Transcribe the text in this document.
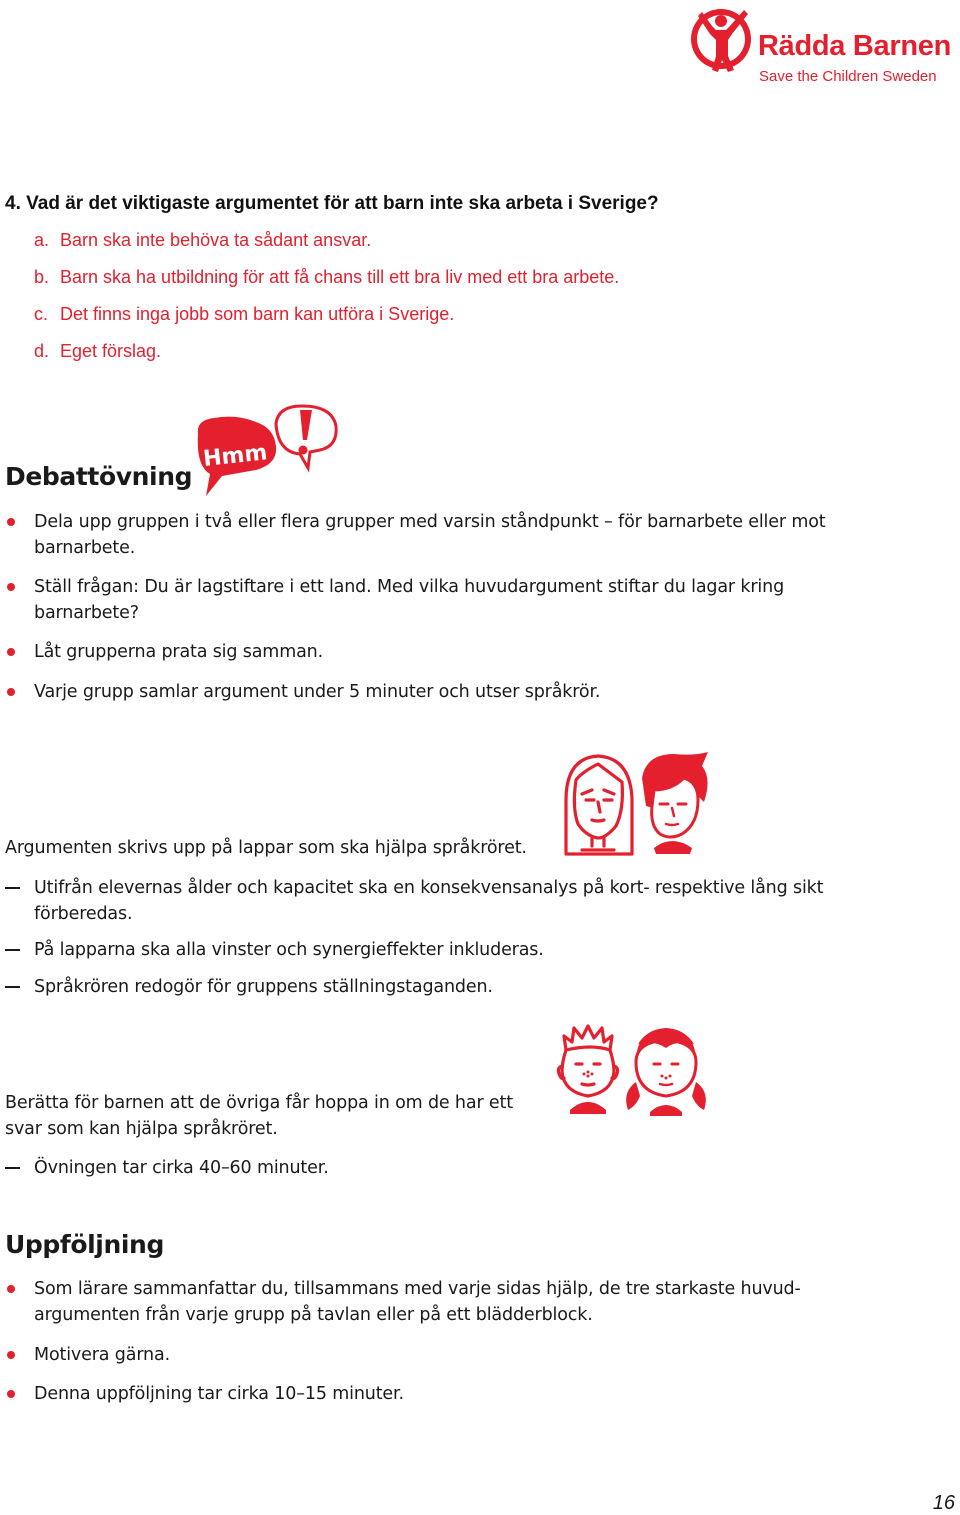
Rädda Barnen
Save the Children Sweden
4. Vad är det viktigaste argumentet för att barn inte ska arbeta i Sverige?
a. Barn ska inte behöva ta sådant ansvar.
b. Barn ska ha utbildning för att få chans till ett bra liv med ett bra arbete.
c. Det finns inga jobb som barn kan utföra i Sverige.
d. Eget förslag.
Debattövning
Hmm
Dela upp gruppen i två eller flera grupper med varsin ståndpunkt – för barnarbete eller mot barnarbete.
Ställ frågan: Du är lagstiftare i ett land. Med vilka huvudargument stiftar du lagar kring barnarbete?
Låt grupperna prata sig samman.
Varje grupp samlar argument under 5 minuter och utser språkrör.
Argumenten skrivs upp på lappar som ska hjälpa språkröret.
Utifrån elevernas ålder och kapacitet ska en konsekvensanalys på kort- respektive lång sikt förberedas.
På lapparna ska alla vinster och synergieffekter inkluderas.
Språkrören redogör för gruppens ställningstaganden.
Berätta för barnen att de övriga får hoppa in om de har ett svar som kan hjälpa språkröret.
Övningen tar cirka 40–60 minuter.
Uppföljning
Som lärare sammanfattar du, tillsammans med varje sidas hjälp, de tre starkaste huvud-argumenten från varje grupp på tavlan eller på ett blädderblock.
Motivera gärna.
Denna uppföljning tar cirka 10–15 minuter.
16
